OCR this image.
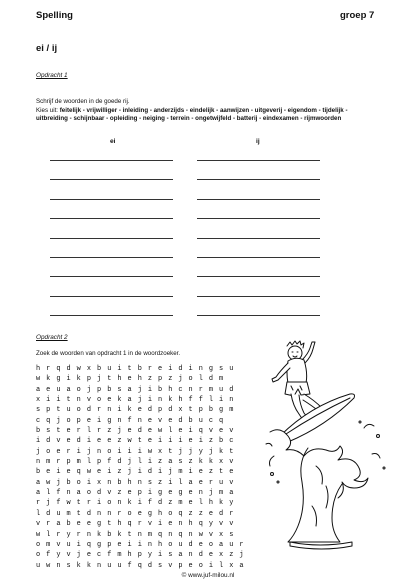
Spelling	groep 7
ei / ij
Opdracht 1
Schrijf de woorden in de goede rij.
Kies uit: feitelijk - vrijwilliger - inleiding - anderzijds - eindelijk - aanwijzen - uitgeverij - eigendom - tijdelijk - uitbreiding - schijnbaar - opleiding - neiging - terrein - ongetwijfeld - batterij - eindexamen - rijmwoorden
ei	ij
Opdracht 2
Zoek de woorden van opdracht 1 in de woordzoeker.
h r q d w x b u i t b r e i d i n g s u
w k g i k p j t h e h z p z j o l d m
a e u a o j p b s a j i b h c n r m u d
x i i t n v o e k a j i n k h f f l i n
s p t u o d r n i k e d p d x t p b g m
c q j o p e i g n f n e v e d b u c q
b s t e r l r z j e d e w l e i q v e v
i d v e d i e e z w t e i i i e i z b c
j o e r i j n o i i i w x t j j y j k t
n m r p m l p f d j l i z a s z k k x v
b e i e q w e i z j i d i j m i e z t e
a w j b o i x n b h n s z i l a e r u v
a l f n a o d v z e p i g e g e n j m a
r j f w t r i o n k i f d z m e l h k y
l d u m t d n n r o e g h o q z z e d r
v r a b e e g t h q r v i e n h q y v v
w l r y r n k b k t n m q n q n w v x s
o m v u i q g p e i i n h o u d e o a u r
o f y v j e c f m h p y i s a n d e x z j
u w n s k k n u u f q d s v p e o i l x a
© www.juf-milou.nl
